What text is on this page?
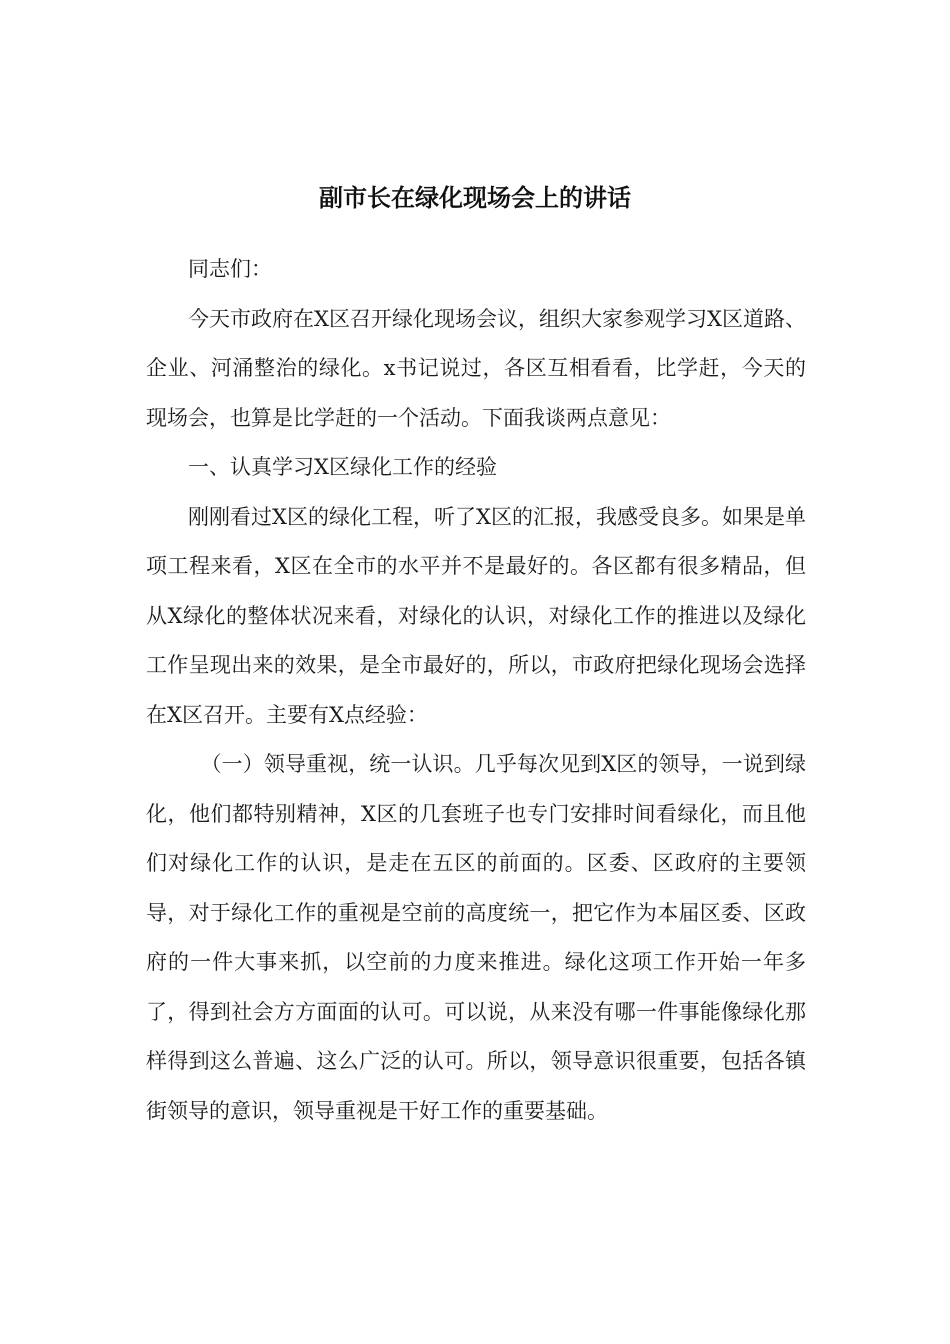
副市长在绿化现场会上的讲话

同志们：

今天市政府在X区召开绿化现场会议，组织大家参观学习X区道路、企业、河涌整治的绿化。x书记说过，各区互相看看，比学赶，今天的现场会，也算是比学赶的一个活动。下面我谈两点意见：

一、认真学习X区绿化工作的经验

刚刚看过X区的绿化工程，听了X区的汇报，我感受良多。如果是单项工程来看，X区在全市的水平并不是最好的。各区都有很多精品，但从X绿化的整体状况来看，对绿化的认识，对绿化工作的推进以及绿化工作呈现出来的效果，是全市最好的，所以，市政府把绿化现场会选择在X区召开。主要有X点经验：

（一）领导重视，统一认识。几乎每次见到X区的领导，一说到绿化，他们都特别精神，X区的几套班子也专门安排时间看绿化，而且他们对绿化工作的认识，是走在五区的前面的。区委、区政府的主要领导，对于绿化工作的重视是空前的高度统一，把它作为本届区委、区政府的一件大事来抓，以空前的力度来推进。绿化这项工作开始一年多了，得到社会方方面面的认可。可以说，从来没有哪一件事能像绿化那样得到这么普遍、这么广泛的认可。所以，领导意识很重要，包括各镇街领导的意识，领导重视是干好工作的重要基础。
